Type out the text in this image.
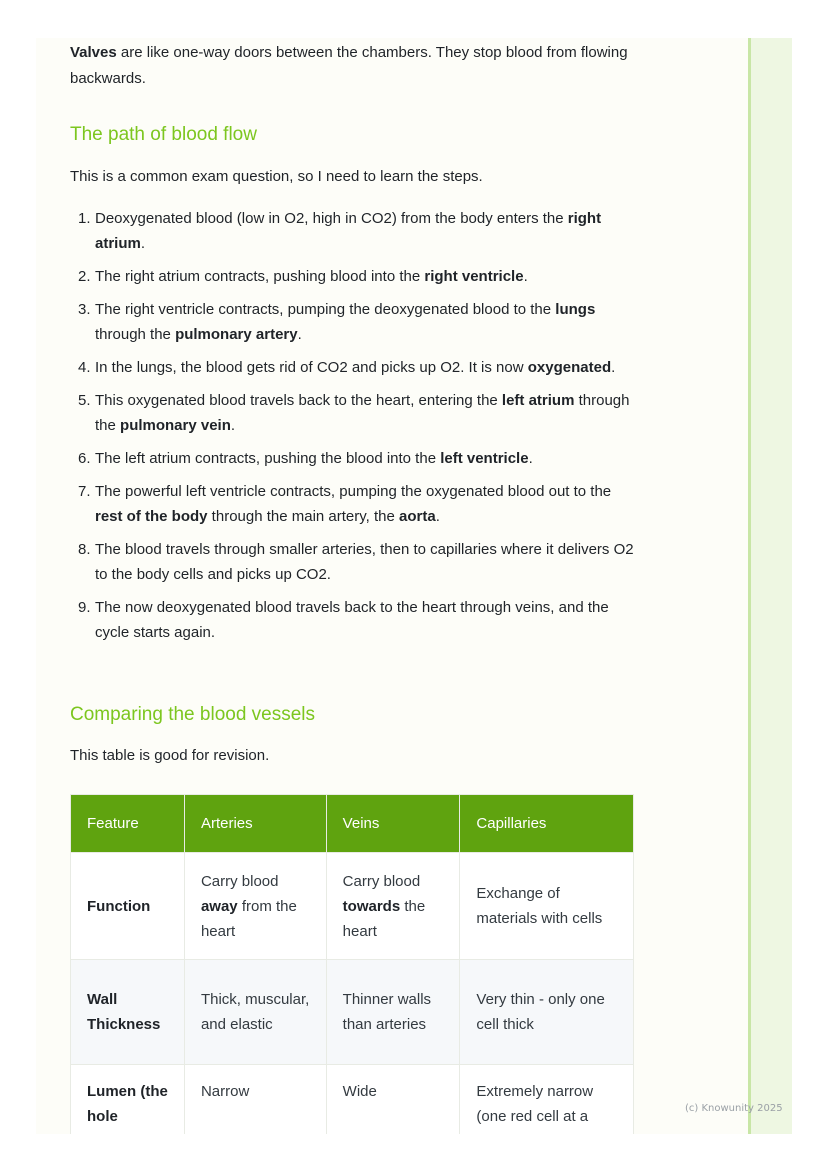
Valves are like one-way doors between the chambers. They stop blood from flowing backwards.

The path of blood flow

This is a common exam question, so I need to learn the steps.

1. Deoxygenated blood (low in O2, high in CO2) from the body enters the right atrium.
2. The right atrium contracts, pushing blood into the right ventricle.
3. The right ventricle contracts, pumping the deoxygenated blood to the lungs through the pulmonary artery.
4. In the lungs, the blood gets rid of CO2 and picks up O2. It is now oxygenated.
5. This oxygenated blood travels back to the heart, entering the left atrium through the pulmonary vein.
6. The left atrium contracts, pushing the blood into the left ventricle.
7. The powerful left ventricle contracts, pumping the oxygenated blood out to the rest of the body through the main artery, the aorta.
8. The blood travels through smaller arteries, then to capillaries where it delivers O2 to the body cells and picks up CO2.
9. The now deoxygenated blood travels back to the heart through veins, and the cycle starts again.
Comparing the blood vessels

This table is good for revision.

Feature	Arteries	Veins	Capillaries
Function	Carry blood away from the heart	Carry blood towards the heart	Exchange of materials with cells
Wall Thickness	Thick, muscular, and elastic	Thinner walls than arteries	Very thin - only one cell thick
Lumen (the hole	Narrow	Wide	Extremely narrow (one red cell at a	(c) Knowunity 2025
